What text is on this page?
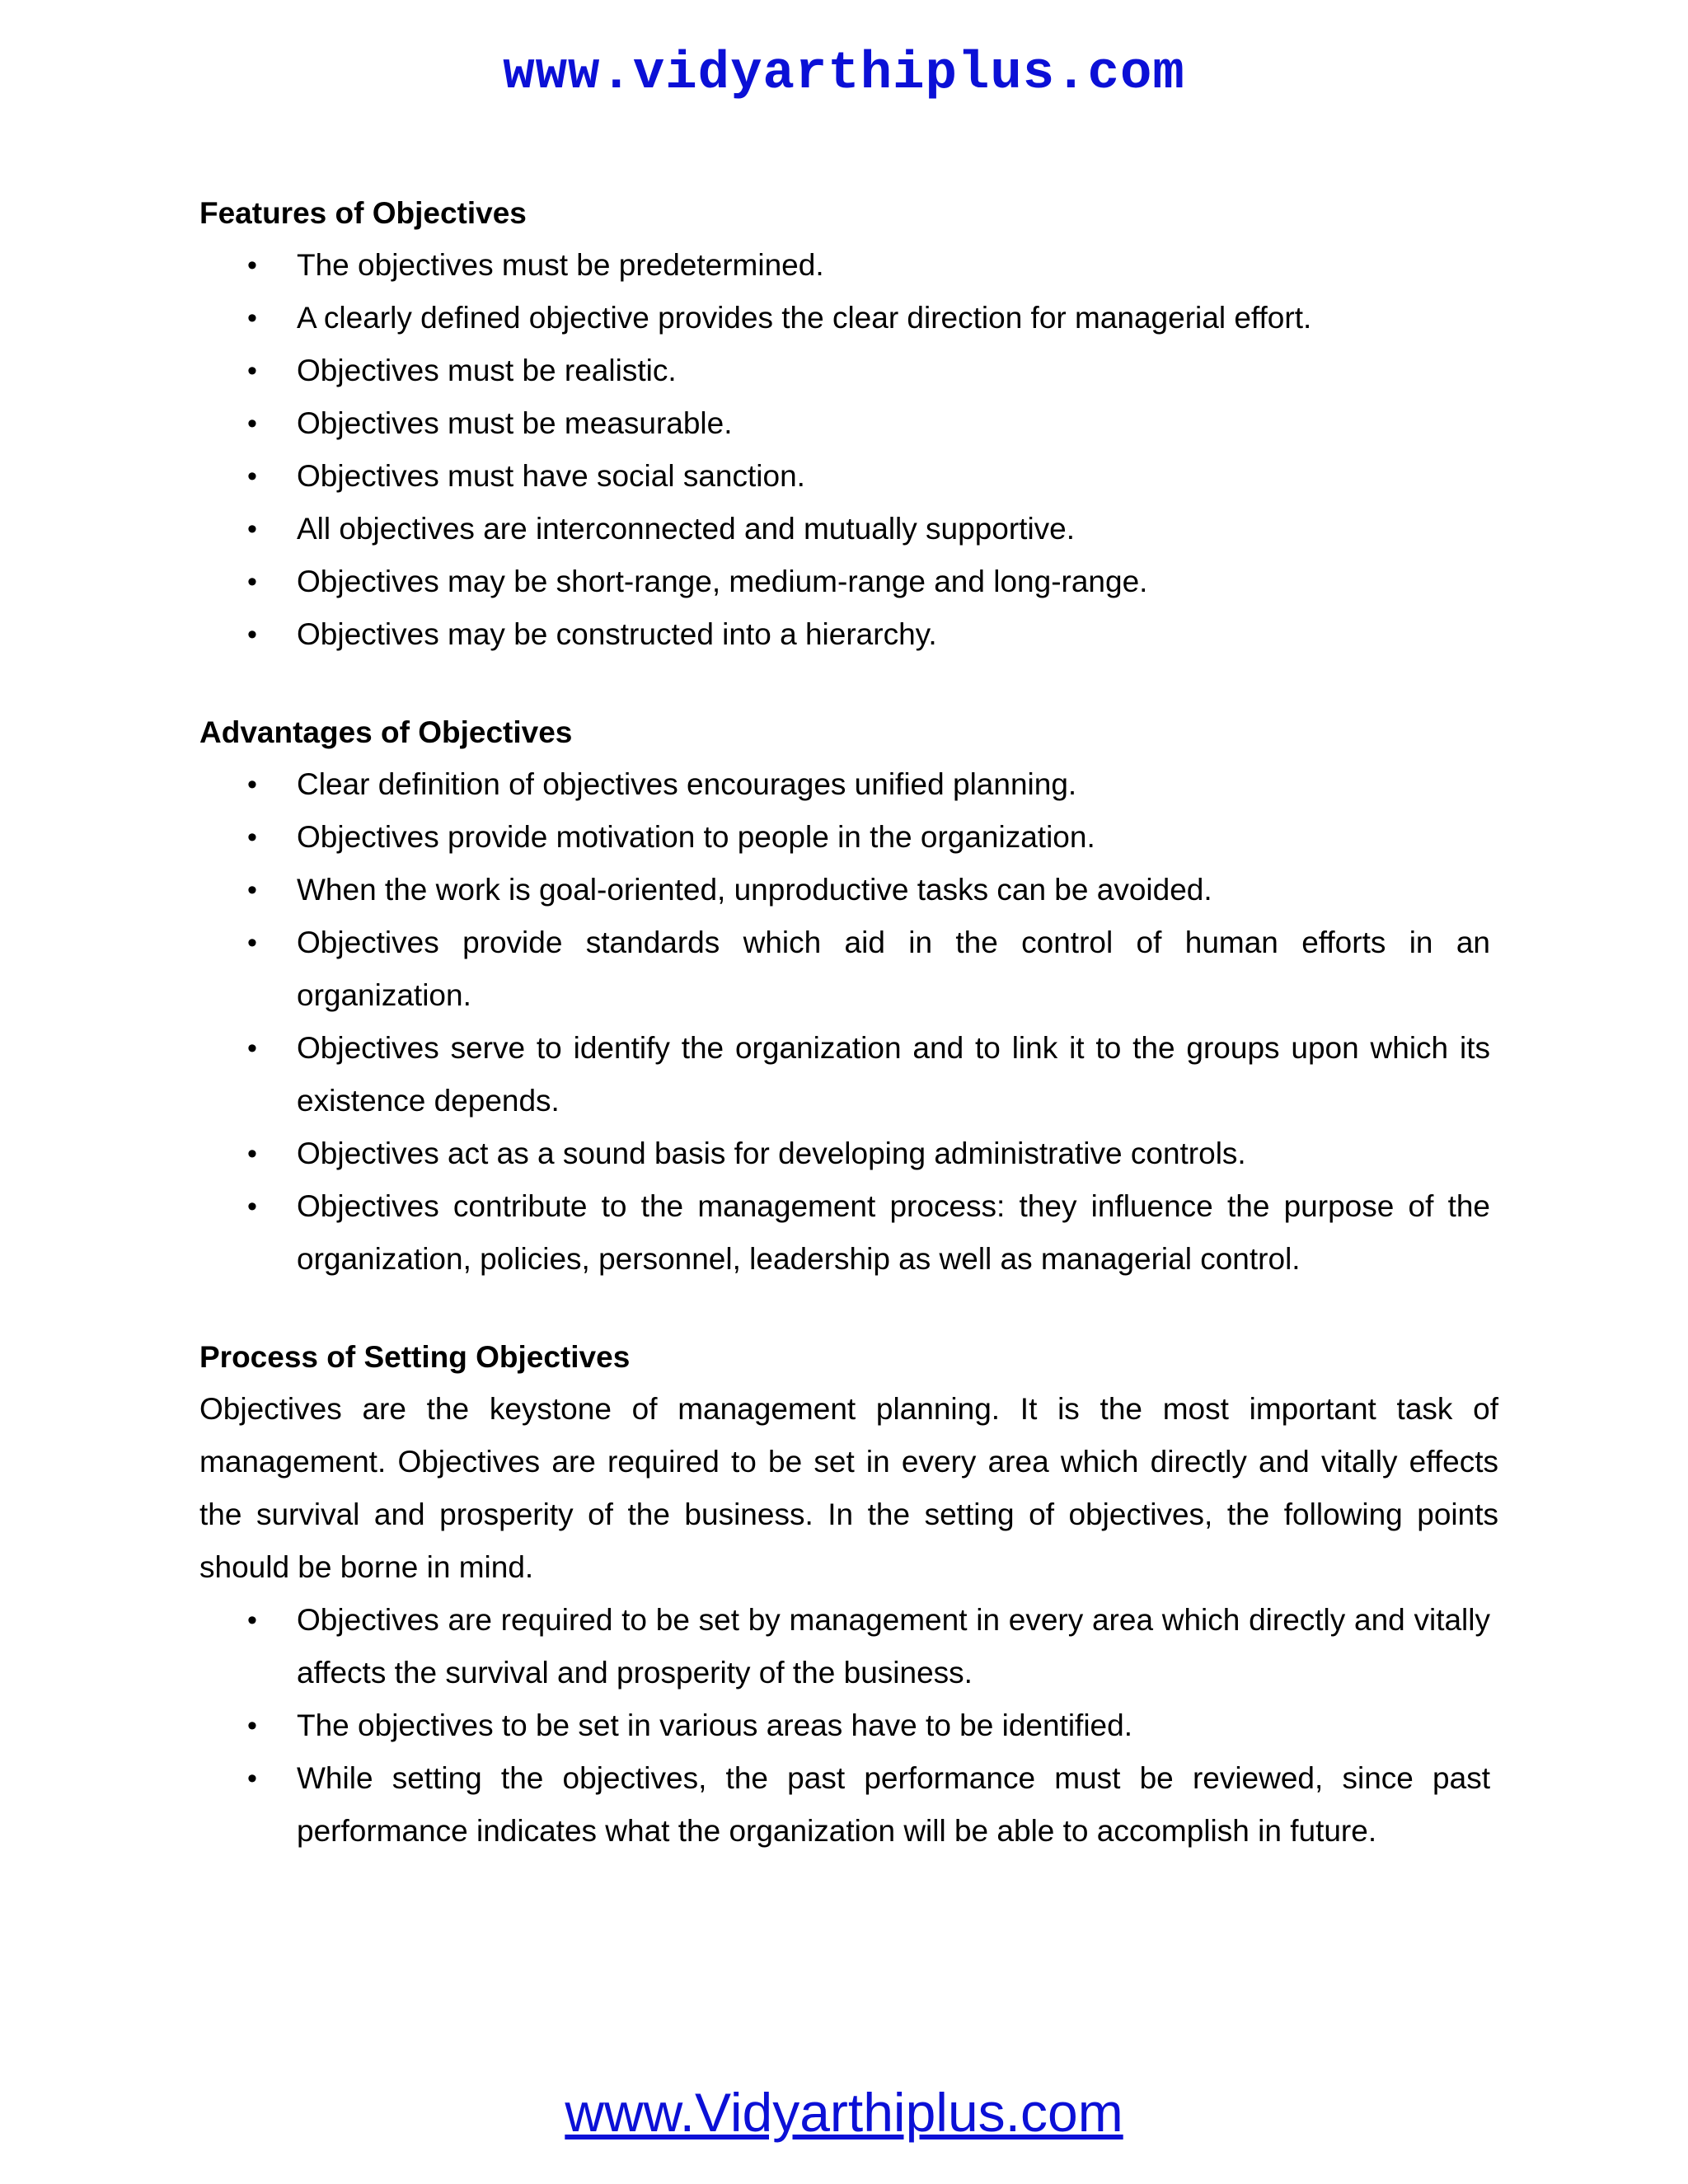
www.vidyarthiplus.com
Features of Objectives
• The objectives must be predetermined.
• A clearly defined objective provides the clear direction for managerial effort.
• Objectives must be realistic.
• Objectives must be measurable.
• Objectives must have social sanction.
• All objectives are interconnected and mutually supportive.
• Objectives may be short-range, medium-range and long-range.
• Objectives may be constructed into a hierarchy.
Advantages of Objectives
• Clear definition of objectives encourages unified planning.
• Objectives provide motivation to people in the organization.
• When the work is goal-oriented, unproductive tasks can be avoided.
• Objectives provide standards which aid in the control of human efforts in an organization.
• Objectives serve to identify the organization and to link it to the groups upon which its existence depends.
• Objectives act as a sound basis for developing administrative controls.
• Objectives contribute to the management process: they influence the purpose of the organization, policies, personnel, leadership as well as managerial control.
Process of Setting Objectives

Objectives are the keystone of management planning. It is the most important task of management. Objectives are required to be set in every area which directly and vitally effects the survival and prosperity of the business. In the setting of objectives, the following points should be borne in mind.

• Objectives are required to be set by management in every area which directly and vitally affects the survival and prosperity of the business.
• The objectives to be set in various areas have to be identified.
• While setting the objectives, the past performance must be reviewed, since past performance indicates what the organization will be able to accomplish in future.
www.Vidyarthiplus.com
